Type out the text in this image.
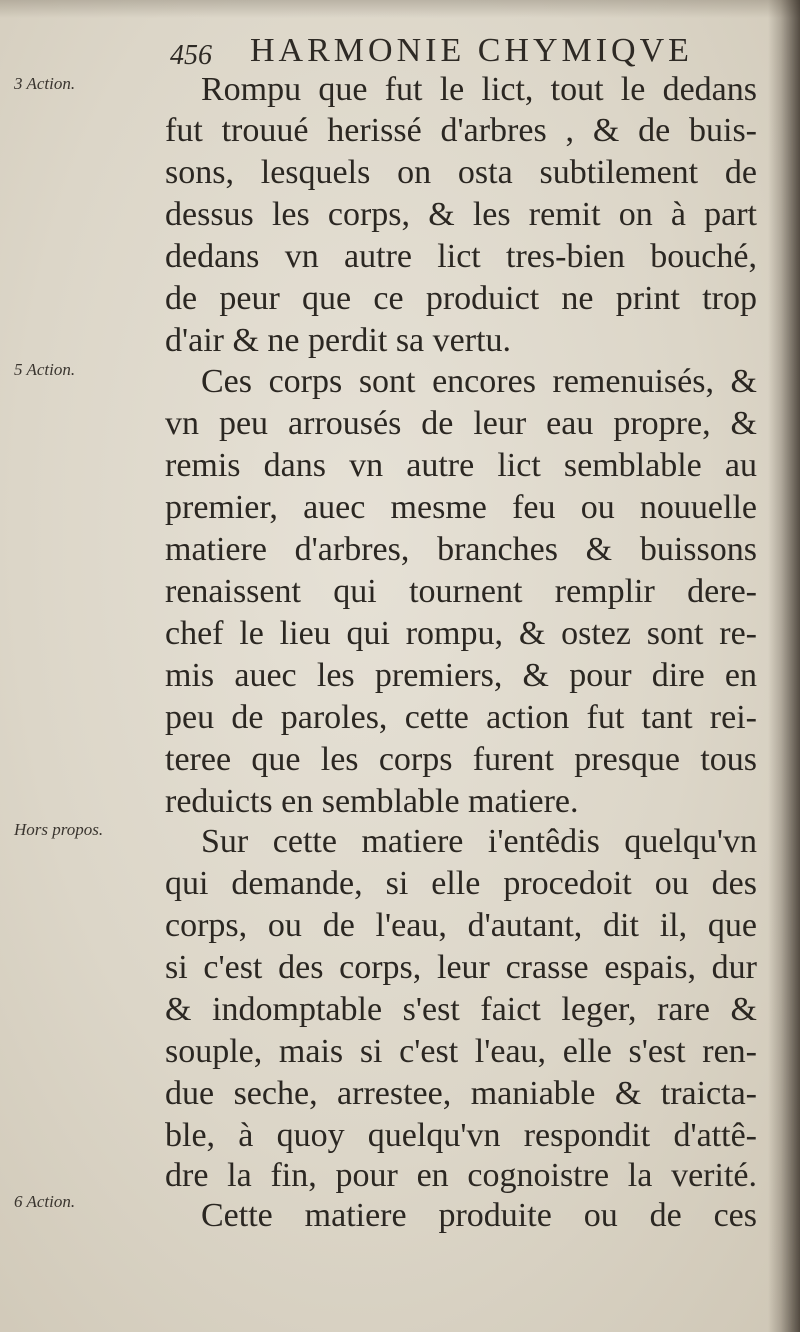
456 HARMONIE CHYMIQVE
3 Action.
5 Action.
Hors propos.
6 Action.
Rompu que fut le lict, tout le dedans
fut trouué herissé d'arbres , & de buis-
sons, lesquels on osta subtilement de
dessus les corps, & les remit on à part
dedans vn autre lict tres-bien bouché,
de peur que ce produict ne print trop
d'air & ne perdit sa vertu.
Ces corps sont encores remenuisés, &
vn peu arrousés de leur eau propre, &
remis dans vn autre lict semblable au
premier, auec mesme feu ou nouuelle
matiere d'arbres, branches & buissons
renaissent qui tournent remplir dere-
chef le lieu qui rompu, & ostez sont re-
mis auec les premiers, & pour dire en
peu de paroles, cette action fut tant rei-
teree que les corps furent presque tous
reduicts en semblable matiere.
Sur cette matiere i'entêdis quelqu'vn
qui demande, si elle procedoit ou des
corps, ou de l'eau, d'autant, dit il, que
si c'est des corps, leur crasse espais, dur
& indomptable s'est faict leger, rare &
souple, mais si c'est l'eau, elle s'est ren-
due seche, arrestee, maniable & traicta-
ble, à quoy quelqu'vn respondit d'attê-
dre la fin, pour en cognoistre la verité.
Cette matiere produite ou de ces
